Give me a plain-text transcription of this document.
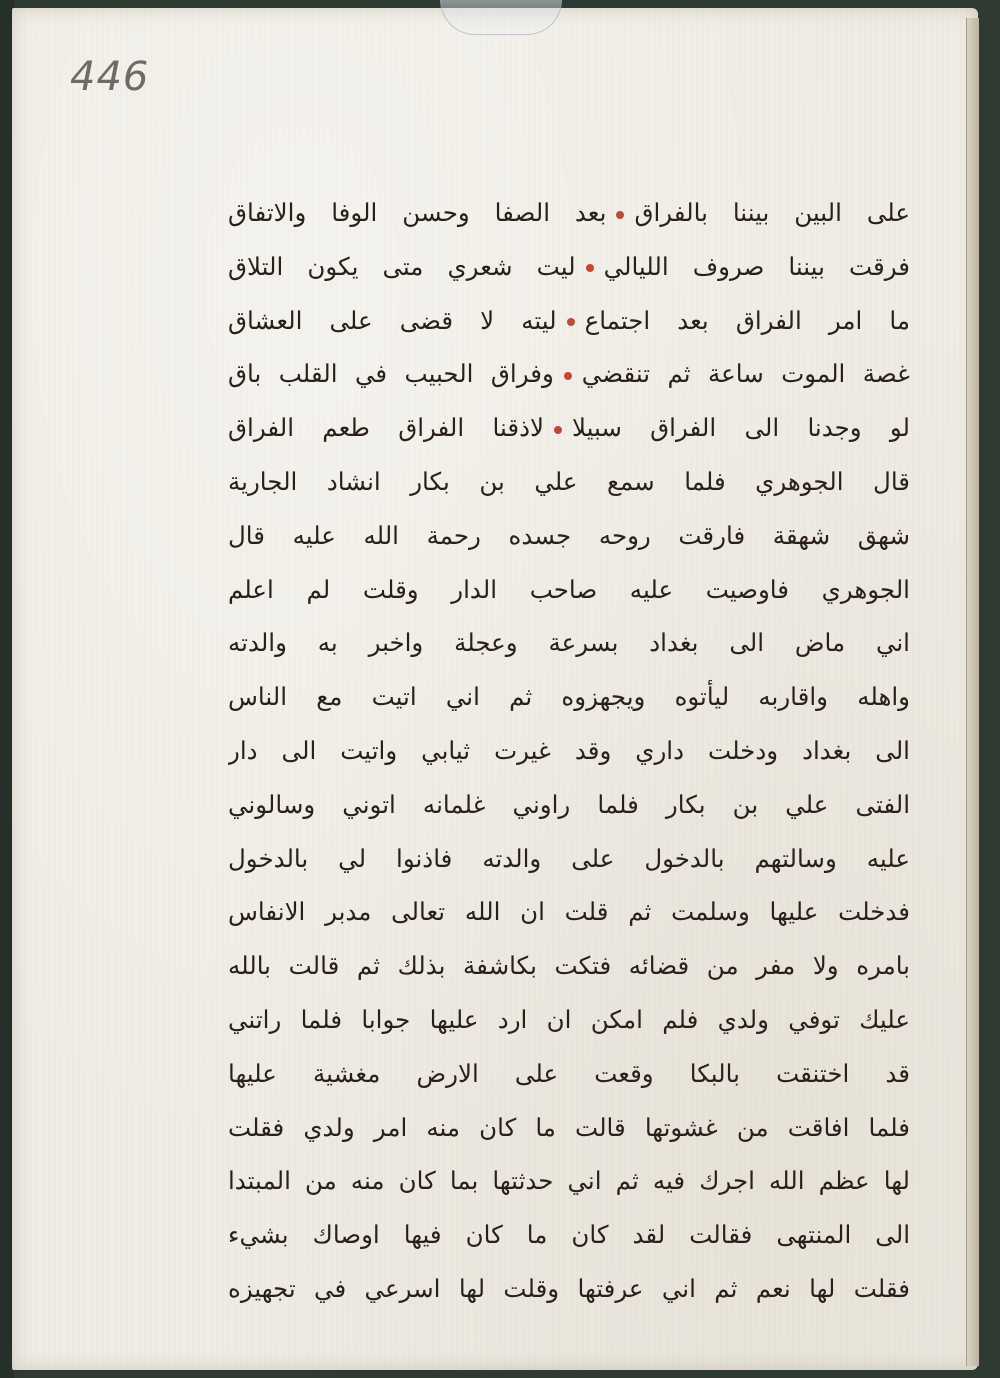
446
على البين بيننا بالفراقبعد الصفا وحسن الوفا والاتفاق
فرقت بيننا صروف اللياليليت شعري متى يكون التلاق
ما امر الفراق بعد اجتماعليته لا قضى على العشاق
غصة الموت ساعة ثم تنقضيوفراق الحبيب في القلب باق
لو وجدنا الى الفراق سبيلالاذقنا الفراق طعم الفراق
قال الجوهري فلما سمع علي بن بكار انشاد الجارية
شهق شهقة فارقت روحه جسده رحمة الله عليه قال
الجوهري فاوصيت عليه صاحب الدار وقلت لم اعلم
اني ماض الى بغداد بسرعة وعجلة واخبر به والدته
واهله واقاربه ليأتوه ويجهزوه ثم اني اتيت مع الناس
الى بغداد ودخلت داري وقد غيرت ثيابي واتيت الى دار
الفتى علي بن بكار فلما راوني غلمانه اتوني وسالوني
عليه وسالتهم بالدخول على والدته فاذنوا لي بالدخول
فدخلت عليها وسلمت ثم قلت ان الله تعالى مدبر الانفاس
بامره ولا مفر من قضائه فتكت بكاشفة بذلك ثم قالت بالله
عليك توفي ولدي فلم امكن ان ارد عليها جوابا فلما راتني
قد اختنقت بالبكا وقعت على الارض مغشية عليها
فلما افاقت من غشوتها قالت ما كان منه امر ولدي فقلت
لها عظم الله اجرك فيه ثم اني حدثتها بما كان منه من المبتدا
الى المنتهى فقالت لقد كان ما كان فيها اوصاك بشيء
فقلت لها نعم ثم اني عرفتها وقلت لها اسرعي في تجهيزه
